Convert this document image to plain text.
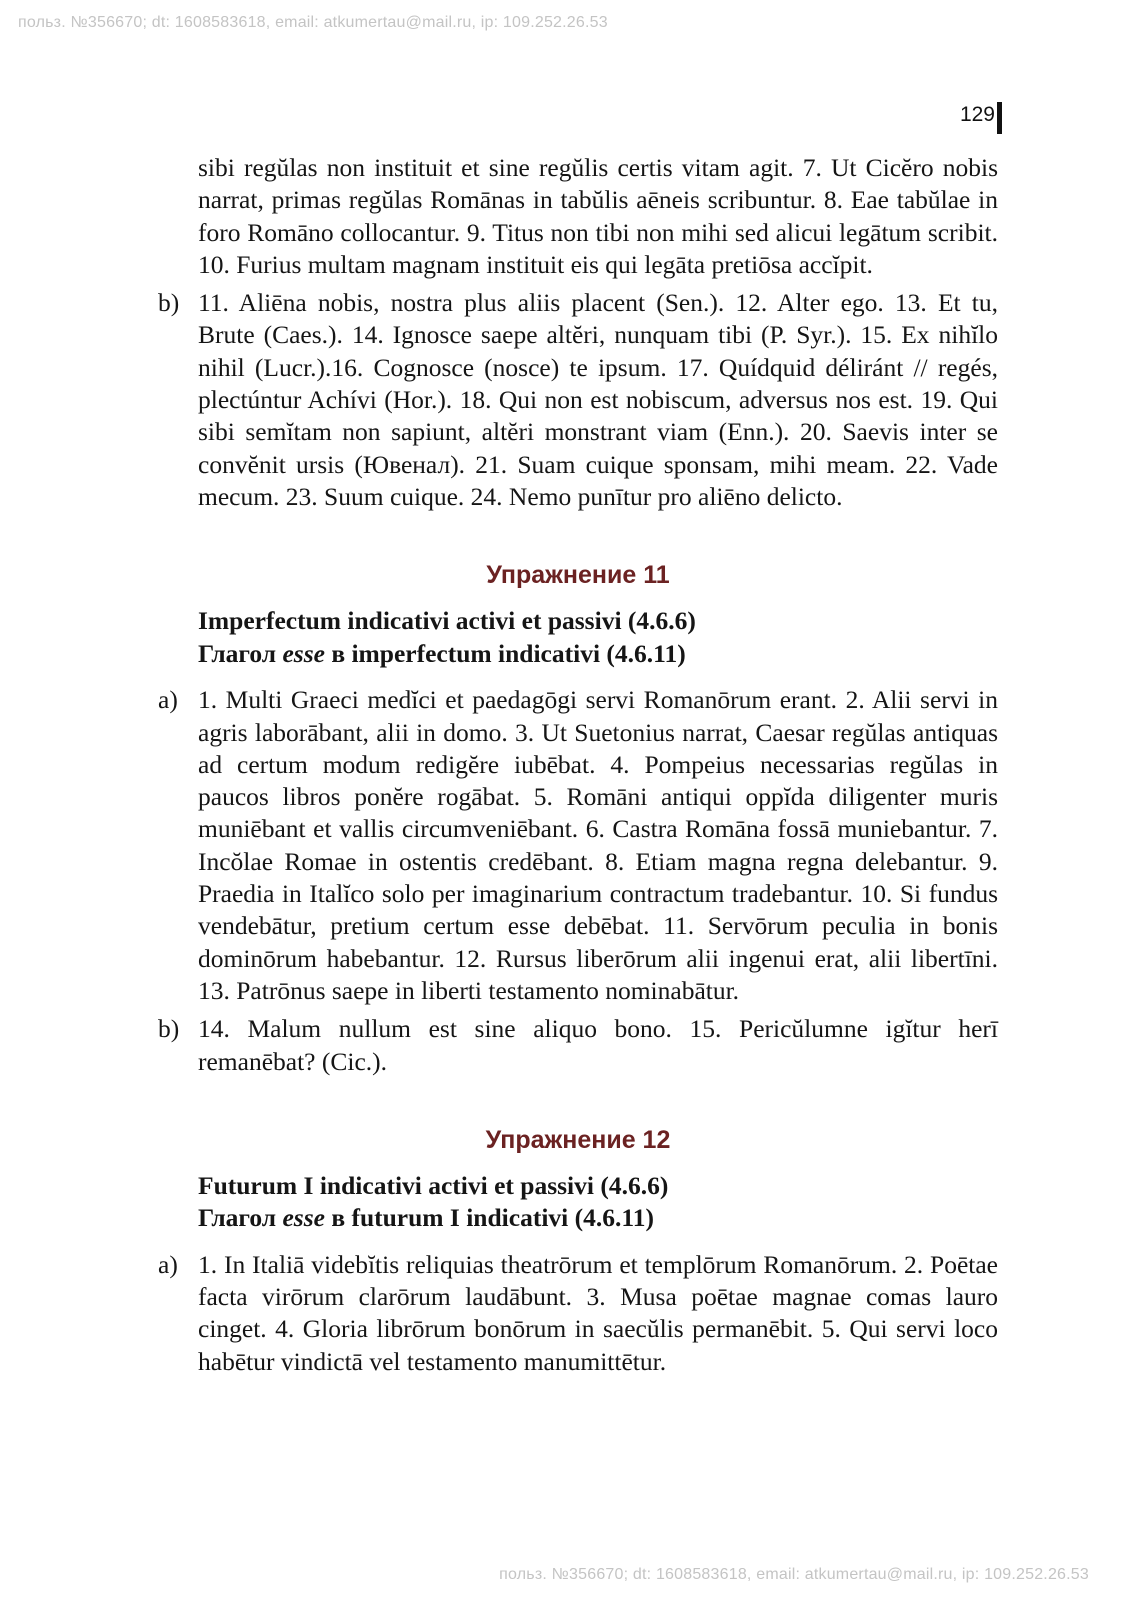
польз. №356670; dt: 1608583618, email: atkumertau@mail.ru, ip: 109.252.26.53
129
sibi regŭlas non instituit et sine regŭlis certis vitam agit. 7. Ut Cicĕro nobis narrat, primas regŭlas Romānas in tabŭlis aēneis scribuntur. 8. Eae tabŭlae in foro Romāno collocantur. 9. Titus non tibi non mihi sed alicui legātum scribit. 10. Furius multam magnam instituit eis qui legāta pretiōsa accĭpit.
b) 11. Aliēna nobis, nostra plus aliis placent (Sen.). 12. Alter ego. 13. Et tu, Brute (Caes.). 14. Ignosce saepe altĕri, nunquam tibi (P. Syr.). 15. Ex nihĭlo nihil (Lucr.).16. Cognosce (nosce) te ipsum. 17. Quídquid déliránt // regés, plectúntur Achívi (Hor.). 18. Qui non est nobiscum, adversus nos est. 19. Qui sibi semĭtam non sapiunt, altĕri monstrant viam (Enn.). 20. Saevis inter se convĕnit ursis (Ювенал). 21. Suam cuique sponsam, mihi meam. 22. Vade mecum. 23. Suum cuique. 24. Nemo punītur pro aliēno delicto.
Упражнение 11
Imperfectum indicativi activi et passivi (4.6.6)
Глагол esse в imperfectum indicativi (4.6.11)
a) 1. Multi Graeci medĭci et paedagōgi servi Romanōrum erant. 2. Alii servi in agris laborābant, alii in domo. 3. Ut Suetonius narrat, Caesar regŭlas antiquas ad certum modum redigĕre iubēbat. 4. Pompeius necessarias regŭlas in paucos libros ponĕre rogābat. 5. Romāni antiqui oppĭda diligenter muris muniēbant et vallis circumveniēbant. 6. Castra Romāna fossā muniebantur. 7. Incŏlae Romae in ostentis credēbant. 8. Etiam magna regna delebantur. 9. Praedia in Italĭco solo per imaginarium contractum tradebantur. 10. Si fundus vendebātur, pretium certum esse debēbat. 11. Servōrum peculia in bonis dominōrum habebantur. 12. Rursus liberōrum alii ingenui erat, alii libertīni. 13. Patrōnus saepe in liberti testamento nominabātur.
b) 14. Malum nullum est sine aliquo bono. 15. Pericŭlumne igĭtur herī remanēbat? (Cic.).
Упражнение 12
Futurum I indicativi activi et passivi (4.6.6)
Глагол esse в futurum I indicativi (4.6.11)
a) 1. In Italiā videbĭtis reliquias theatrōrum et templōrum Romanōrum. 2. Poētae facta virōrum clarōrum laudābunt. 3. Musa poētae magnae comas lauro cinget. 4. Gloria librōrum bonōrum in saecŭlis permanēbit. 5. Qui servi loco habētur vindictā vel testamento manumittētur.
польз. №356670; dt: 1608583618, email: atkumertau@mail.ru, ip: 109.252.26.53
